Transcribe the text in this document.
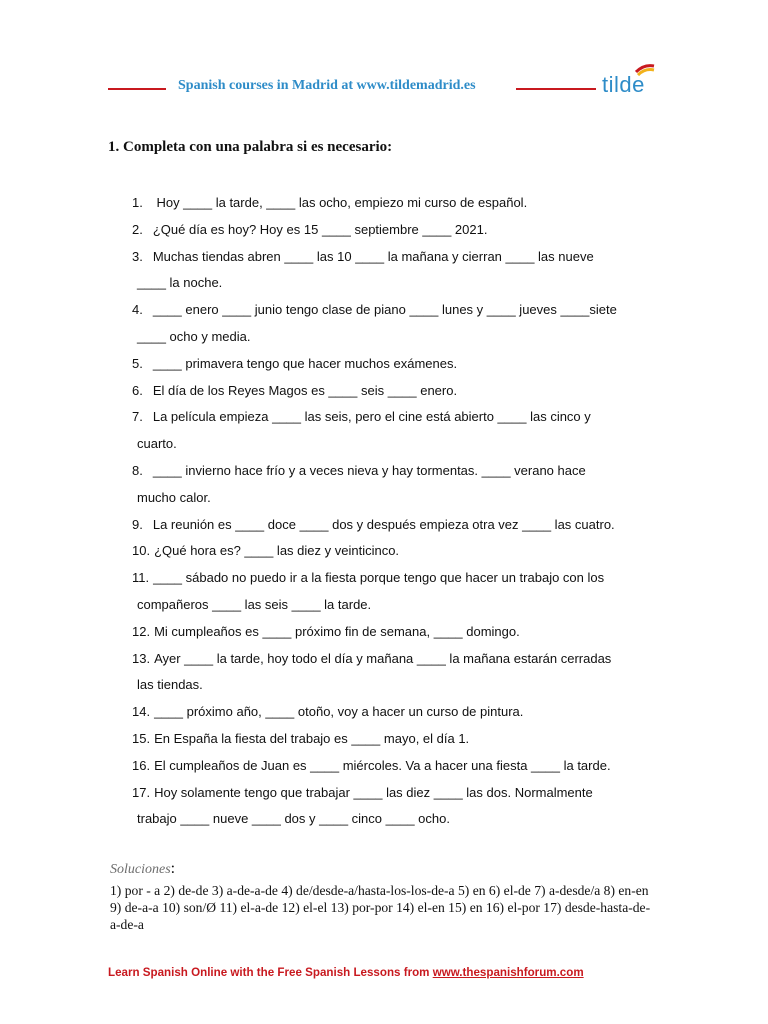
Spanish courses in Madrid at www.tildemadrid.es	tilde
1. Completa con una palabra si es necesario:
1. Hoy ____ la tarde, ____ las ocho, empiezo mi curso de español.
2. ¿Qué día es hoy? Hoy es 15 ____ septiembre ____ 2021.
3. Muchas tiendas abren ____ las 10 ____ la mañana y cierran ____ las nueve
____ la noche.
4. ____ enero ____ junio tengo clase de piano ____ lunes y ____ jueves ____siete
____ ocho y media.
5. ____ primavera tengo que hacer muchos exámenes.
6. El día de los Reyes Magos es ____ seis ____ enero.
7. La película empieza ____ las seis, pero el cine está abierto ____ las cinco y
cuarto.
8. ____ invierno hace frío y a veces nieva y hay tormentas. ____ verano hace
mucho calor.
9. La reunión es ____ doce ____ dos y después empieza otra vez ____ las cuatro.
10. ¿Qué hora es? ____ las diez y veinticinco.
11. ____ sábado no puedo ir a la fiesta porque tengo que hacer un trabajo con los
compañeros ____ las seis ____ la tarde.
12. Mi cumpleaños es ____ próximo fin de semana, ____ domingo.
13. Ayer ____ la tarde, hoy todo el día y mañana ____ la mañana estarán cerradas
las tiendas.
14. ____ próximo año, ____ otoño, voy a hacer un curso de pintura.
15. En España la fiesta del trabajo es ____ mayo, el día 1.
16. El cumpleaños de Juan es ____ miércoles. Va a hacer una fiesta ____ la tarde.
17. Hoy solamente tengo que trabajar ____ las diez ____ las dos. Normalmente
trabajo ____ nueve ____ dos y ____ cinco ____ ocho.
Soluciones:
1) por - a 2) de-de 3) a-de-a-de 4) de/desde-a/hasta-los-los-de-a 5) en 6) el-de 7) a-desde/a 8) en-en 9) de-a-a 10) son/Ø 11) el-a-de 12) el-el 13) por-por 14) el-en 15) en 16) el-por 17) desde-hasta-de-a-de-a
Learn Spanish Online with the Free Spanish Lessons from www.thespanishforum.com
